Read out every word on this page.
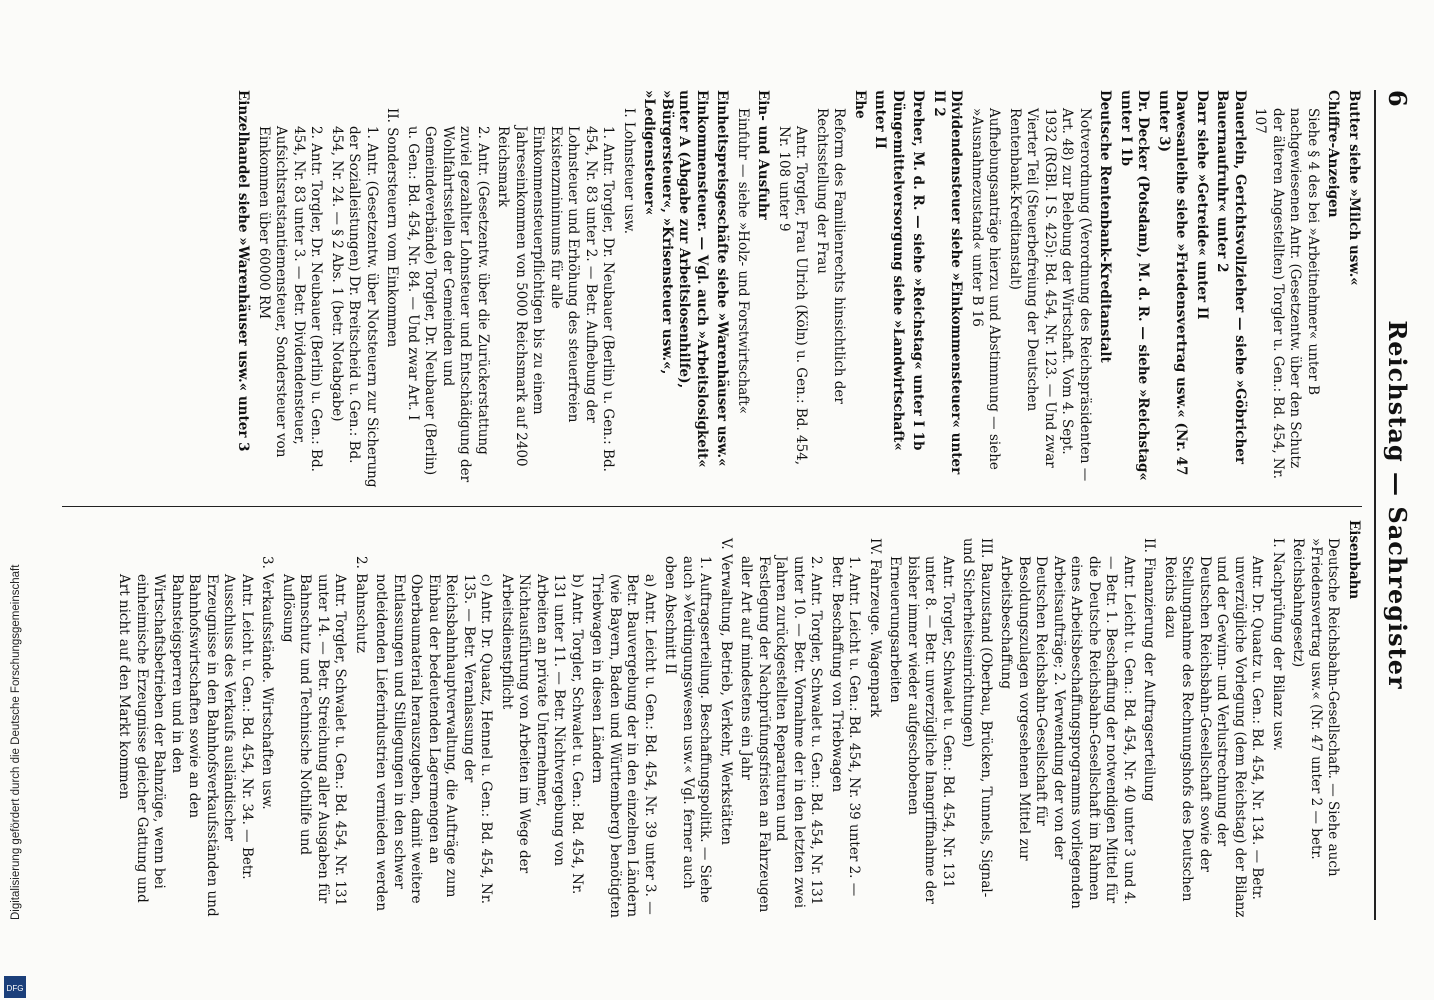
6
Reichstag — Sachregister
Butter siehe »Milch usw.«
Chiffre-Anzeigen
Siehe § 4 des bei »Arbeitnehmer« unter B nachgewiesenen Antr. (Gesetzentw. über den Schutz der älteren Angestellten) Torgler u. Gen.: Bd. 454, Nr. 107
Dauerlein, Gerichtsvollzieher — siehe »Göbricher Bauernaufruhr« unter 2
Darr siehe »Getreide« unter II
Dawesanleihe siehe »Friedensvertrag usw.« (Nr. 47 unter 3)
Dr. Decker (Potsdam), M. d. R. — siehe »Reichstag« unter I 1b
Deutsche Rentenbank-Kreditanstalt
Notverordnung (Verordnung des Reichspräsidenten — Art. 48) zur Belebung der Wirtschaft. Vom 4. Sept. 1932 (RGBl. I S. 425): Bd. 454, Nr. 123. — Und zwar Vierter Teil (Steuerbefreiung der Deutschen Rentenbank-Kreditanstalt)
Aufhebungsanträge hierzu und Abstimmung — siehe »Ausnahmezustand« unter B 16
Dividendensteuer siehe »Einkommensteuer« unter II 2
Dreher, M. d. R. — siehe »Reichstag« unter I 1b
Düngemittelversorgung siehe »Landwirtschaft« unter II
Ehe
Reform des Familienrechts hinsichtlich der Rechtsstellung der Frau
Antr. Torgler, Frau Ulrich (Köln) u. Gen.: Bd. 454, Nr. 108 unter 9
Ein- und Ausfuhr
Einfuhr — siehe »Holz- und Forstwirtschaft«
Einheitspreisgeschäfte siehe »Warenhäuser usw.«
Einkommensteuer. — Vgl. auch »Arbeitslosigkeit« unter A (Abgabe zur Arbeitslosenhilfe), »Bürgersteuer«, »Krisensteuer usw.«, »Ledigensteuer«
I. Lohnsteuer usw.
1. Antr. Torgler, Dr. Neubauer (Berlin) u. Gen.: Bd. 454, Nr. 83 unter 2. — Betr. Aufhebung der Lohnsteuer und Erhöhung des steuerfreien Existenzminimums für alle Einkommensteuerpflichtigen bis zu einem Jahreseinkommen von 5000 Reichsmark auf 2400 Reichsmark
2. Antr. (Gesetzentw. über die Zurückerstattung zuviel gezahlter Lohnsteuer und Entschädigung der Wohlfahrtsstellen der Gemeinden und Gemeindeverbände) Torgler, Dr. Neubauer (Berlin) u. Gen.: Bd. 454, Nr. 84. — Und zwar Art. I
II. Sondersteuern vom Einkommen
1. Antr. (Gesetzentw. über Notsteuern zur Sicherung der Sozialleistungen) Dr. Breitscheid u. Gen.: Bd. 454, Nr. 24. — § 2 Abs. 1 (betr. Notabgabe)
2. Antr. Torgler, Dr. Neubauer (Berlin) u. Gen.: Bd. 454, Nr. 83 unter 3. — Betr. Dividendensteuer, Aufsichtsratstantiemensteuer, Sondersteuer von Einkommen über 60000 RM
Einzelhandel siehe »Warenhäuser usw.« unter 3
Eisenbahn
Deutsche Reichsbahn-Gesellschaft. — Siehe auch »Friedensvertrag usw.« (Nr. 47 unter 2 — betr. Reichsbahngesetz)
I. Nachprüfung der Bilanz usw.
Antr. Dr. Quaatz u. Gen.: Bd. 454, Nr. 134. — Betr. unverzügliche Vorlegung (dem Reichstag) der Bilanz und der Gewinn- und Verlustrechnung der Deutschen Reichsbahn-Gesellschaft sowie der Stellungnahme des Rechnungshofs des Deutschen Reichs dazu
II. Finanzierung der Auftragserteilung
Antr. Leicht u. Gen.: Bd. 454, Nr. 40 unter 3 und 4. — Betr. 1. Beschaffung der notwendigen Mittel für die Deutsche Reichsbahn-Gesellschaft im Rahmen eines Arbeitsbeschaffungsprogramms vorliegenden Arbeitsaufträge; 2. Verwendung der von der Deutschen Reichsbahn-Gesellschaft für Besoldungszulagen vorgesehenen Mittel zur Arbeitsbeschaffung
III. Bauzustand (Oberbau, Brücken, Tunnels, Signal- und Sicherheitseinrichtungen)
Antr. Torgler, Schwalet u. Gen.: Bd. 454, Nr. 131 unter 8. — Betr. unverzügliche Inangriffnahme der bisher immer wieder aufgeschobenen Erneuerungsarbeiten
IV. Fahrzeuge. Wagenpark
1. Antr. Leicht u. Gen.: Bd. 454, Nr. 39 unter 2. — Betr. Beschaffung von Triebwagen
2. Antr. Torgler, Schwalet u. Gen.: Bd. 454, Nr. 131 unter 10. — Betr. Vornahme der in den letzten zwei Jahren zurückgestellten Reparaturen und Festlegung der Nachprüfungsfristen an Fahrzeugen aller Art auf mindestens ein Jahr
V. Verwaltung, Betrieb, Verkehr, Werkstätten
1. Auftragserteilung. Beschaffungspolitik. — Siehe auch »Verdingungswesen usw.« Vgl. ferner auch oben Abschnitt II
a) Antr. Leicht u. Gen.: Bd. 454, Nr. 39 unter 3. — Betr. Bauvergebung der in den einzelnen Ländern (wie Bayern, Baden und Württemberg) benötigten Triebwagen in diesen Ländern
b) Antr. Torgler, Schwalet u. Gen.: Bd. 454, Nr. 131 unter 11. — Betr. Nichtvergebung von Arbeiten an private Unternehmer, Nichtausführung von Arbeiten im Wege der Arbeitsdienstpflicht
c) Antr. Dr. Quaatz, Hennel u. Gen.: Bd. 454, Nr. 135. — Betr. Veranlassung der Reichsbahnhauptverwaltung, die Aufträge zum Einbau der bedeutenden Lagermengen an Oberbaumaterial herauszugeben, damit weitere Entlassungen und Stillegungen in den schwer notleidenden Lieferindustrien vermieden werden
2. Bahnschutz
Antr. Torgler, Schwalet u. Gen.: Bd. 454, Nr. 131 unter 14. — Betr. Streichung aller Ausgaben für Bahnschutz und Technische Nothilfe und Auflösung
3. Verkaufsstände. Wirtschaften usw.
Antr. Leicht u. Gen.: Bd. 454, Nr. 34. — Betr. Ausschluss des Verkaufs ausländischer Erzeugnisse in den Bahnhofsverkaufsständen und Bahnhofswirtschaften sowie an den Bahnsteigsperren und in den Wirtschaftsbetrieben der Bahnzüge, wenn bei einheimische Erzeugnisse gleicher Gattung und Art nicht auf den Markt kommen
DFG
Digitalisierung gefördert durch die Deutsche Forschungsgemeinschaft
